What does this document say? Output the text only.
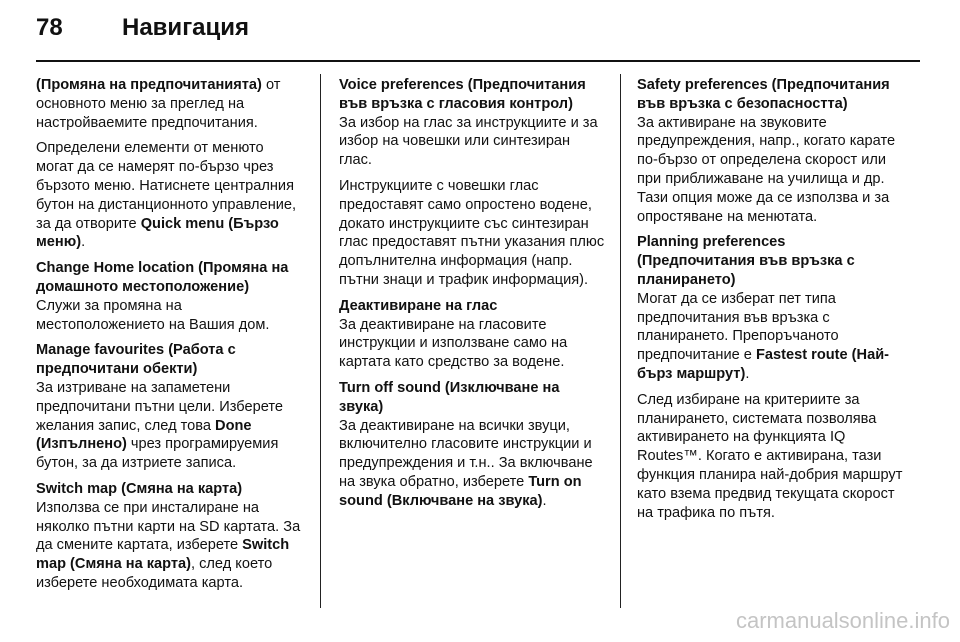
78 Навигация

(Промяна на предпочитанията) от основното меню за преглед на настройваемите предпочитания.

Определени елементи от менюто могат да се намерят по-бързо чрез бързото меню. Натиснете централния бутон на дистанционното управление, за да отворите Quick menu (Бързо меню).

Change Home location (Промяна на домашното местоположение)
Служи за промяна на местоположението на Вашия дом.

Manage favourites (Работа с предпочитани обекти)
За изтриване на запаметени предпочитани пътни цели. Изберете желания запис, след това Done (Изпълнено) чрез програмируемия бутон, за да изтриете записа.

Switch map (Смяна на карта)
Използва се при инсталиране на няколко пътни карти на SD картата. За да смените картата, изберете Switch map (Смяна на карта), след което изберете необходимата карта.

Voice preferences (Предпочитания във връзка с гласовия контрол)
За избор на глас за инструкциите и за избор на човешки или синтезиран глас.

Инструкциите с човешки глас предоставят само опростено водене, докато инструкциите със синтезиран глас предоставят пътни указания плюс допълнителна информация (напр. пътни знаци и трафик информация).

Деактивиране на глас
За деактивиране на гласовите инструкции и използване само на картата като средство за водене.

Turn off sound (Изключване на звука)
За деактивиране на всички звуци, включително гласовите инструкции и предупреждения и т.н.. За включване на звука обратно, изберете Turn on sound (Включване на звука).

Safety preferences (Предпочитания във връзка с безопасността)
За активиране на звуковите предупреждения, напр., когато карате по-бързо от определена скорост или при приближаване на училища и др. Тази опция може да се използва и за опростяване на менютата.

Planning preferences (Предпочитания във връзка с планирането)
Могат да се изберат пет типа предпочитания във връзка с планирането. Препоръчаното предпочитание е Fastest route (Най-бърз маршрут).

След избиране на критериите за планирането, системата позволява активирането на функцията IQ Routes™. Когато е активирана, тази функция планира най-добрия маршрут като взема предвид текущата скорост на трафика по пътя.

carmanualsonline.info
